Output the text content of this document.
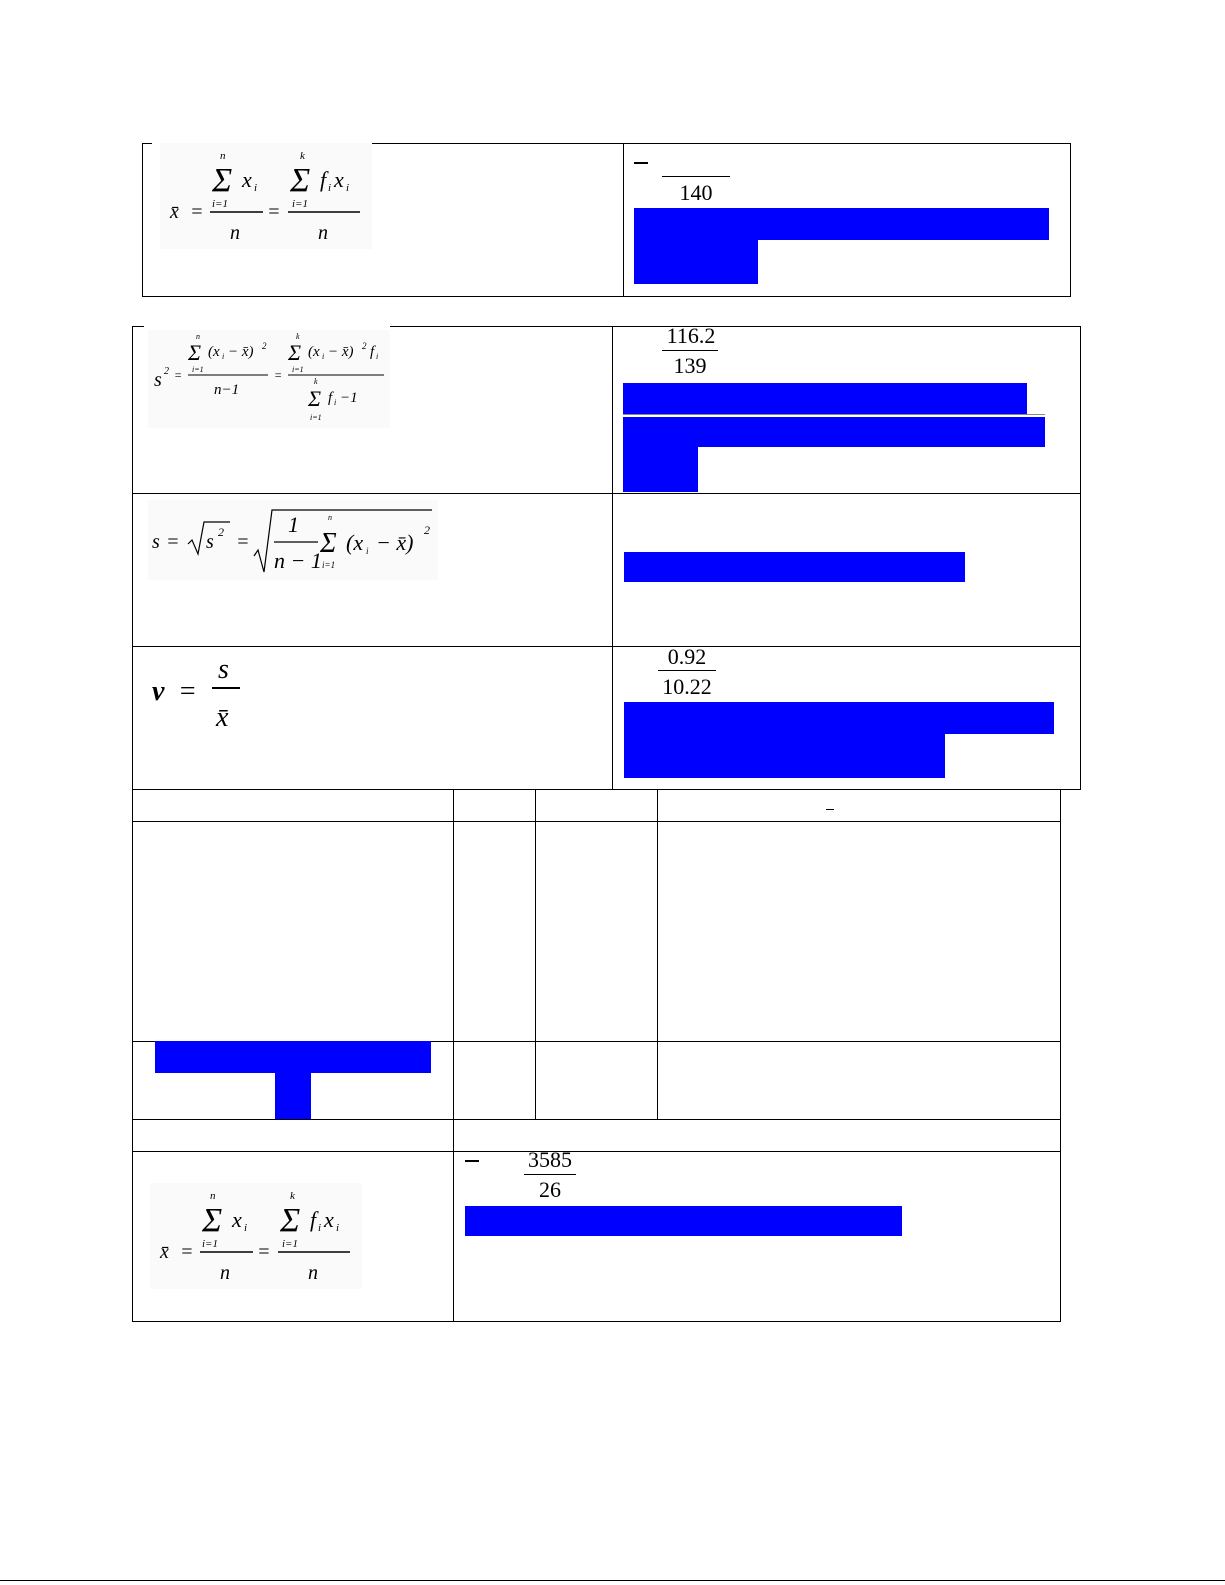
n
Σ x i
i=1
n
x̄ =	=
k
Σ f i x i
i=1
n
140
n
Σ (x i − x̄) 2
i=1
n−1
s 2 =	=
k
Σ (x i − x̄) 2 f i
i=1
k
Σ f i −1
i=1
116.2
139
s = s 2 =
1
n − 1
n
Σ
i=1
(x i − x̄) 2
v =
s
x̄
0.92
10.22
n
Σ x i
i=1
n
x̄ =	=
k
Σ f i x i
i=1
n
3585
26
